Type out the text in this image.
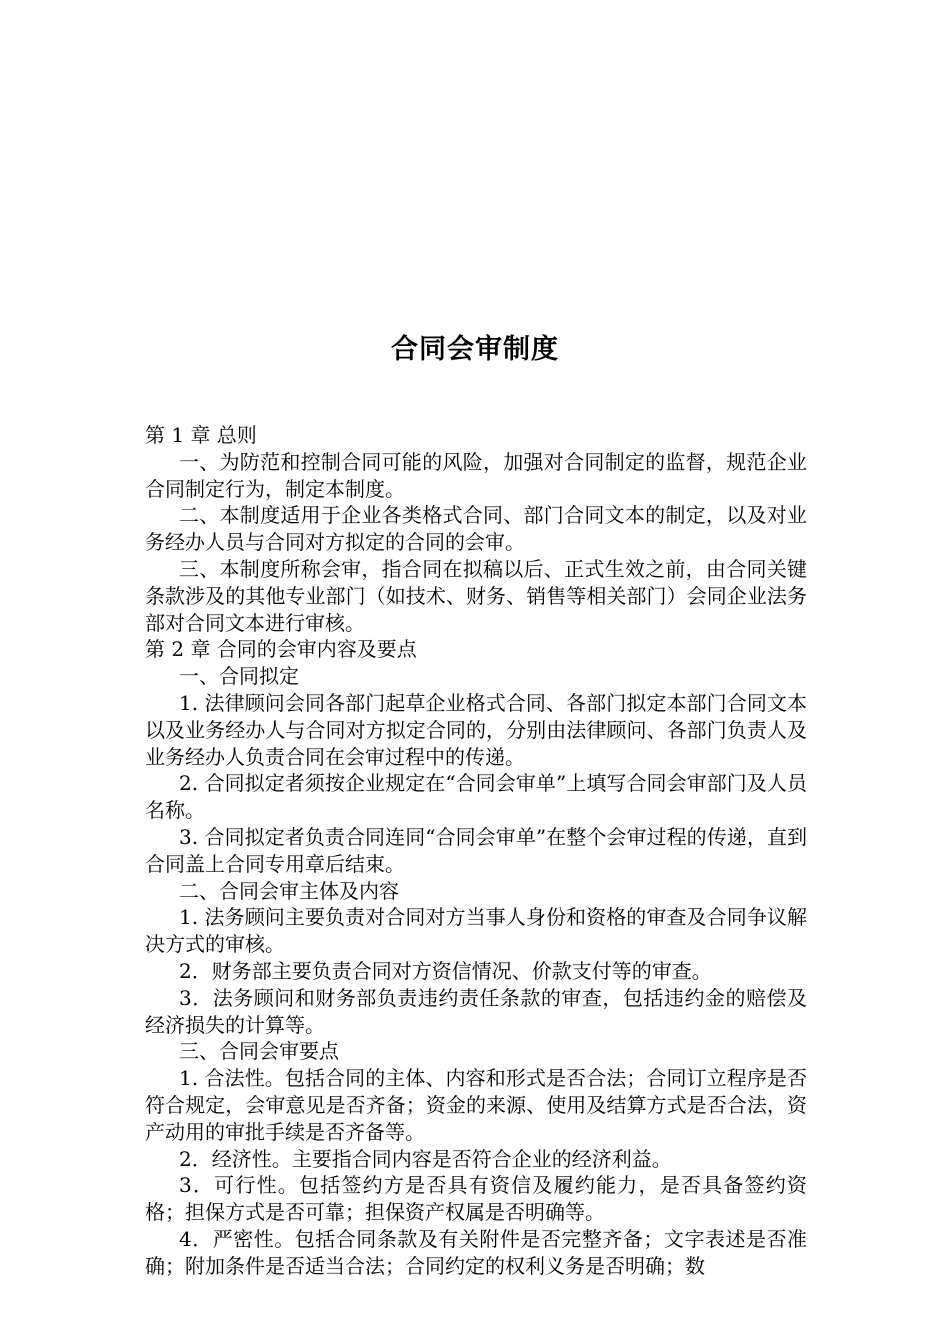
合同会审制度

第 1 章 总则

一、为防范和控制合同可能的风险，加强对合同制定的监督，规范企业合同制定行为，制定本制度。

二、本制度适用于企业各类格式合同、部门合同文本的制定，以及对业务经办人员与合同对方拟定的合同的会审。

三、本制度所称会审，指合同在拟稿以后、正式生效之前，由合同关键条款涉及的其他专业部门（如技术、财务、销售等相关部门）会同企业法务部对合同文本进行审核。

第 2 章 合同的会审内容及要点

一、合同拟定

1. 法律顾问会同各部门起草企业格式合同、各部门拟定本部门合同文本以及业务经办人与合同对方拟定合同的，分别由法律顾问、各部门负责人及业务经办人负责合同在会审过程中的传递。

2. 合同拟定者须按企业规定在“合同会审单”上填写合同会审部门及人员名称。

3. 合同拟定者负责合同连同“合同会审单”在整个会审过程的传递，直到合同盖上合同专用章后结束。

二、合同会审主体及内容

1. 法务顾问主要负责对合同对方当事人身份和资格的审查及合同争议解决方式的审核。

2．财务部主要负责合同对方资信情况、价款支付等的审查。

3．法务顾问和财务部负责违约责任条款的审查，包括违约金的赔偿及经济损失的计算等。

三、合同会审要点

1. 合法性。包括合同的主体、内容和形式是否合法；合同订立程序是否符合规定，会审意见是否齐备；资金的来源、使用及结算方式是否合法，资产动用的审批手续是否齐备等。

2．经济性。主要指合同内容是否符合企业的经济利益。

3．可行性。包括签约方是否具有资信及履约能力，是否具备签约资格；担保方式是否可靠；担保资产权属是否明确等。

4．严密性。包括合同条款及有关附件是否完整齐备；文字表述是否准确；附加条件是否适当合法；合同约定的权利义务是否明确；数
